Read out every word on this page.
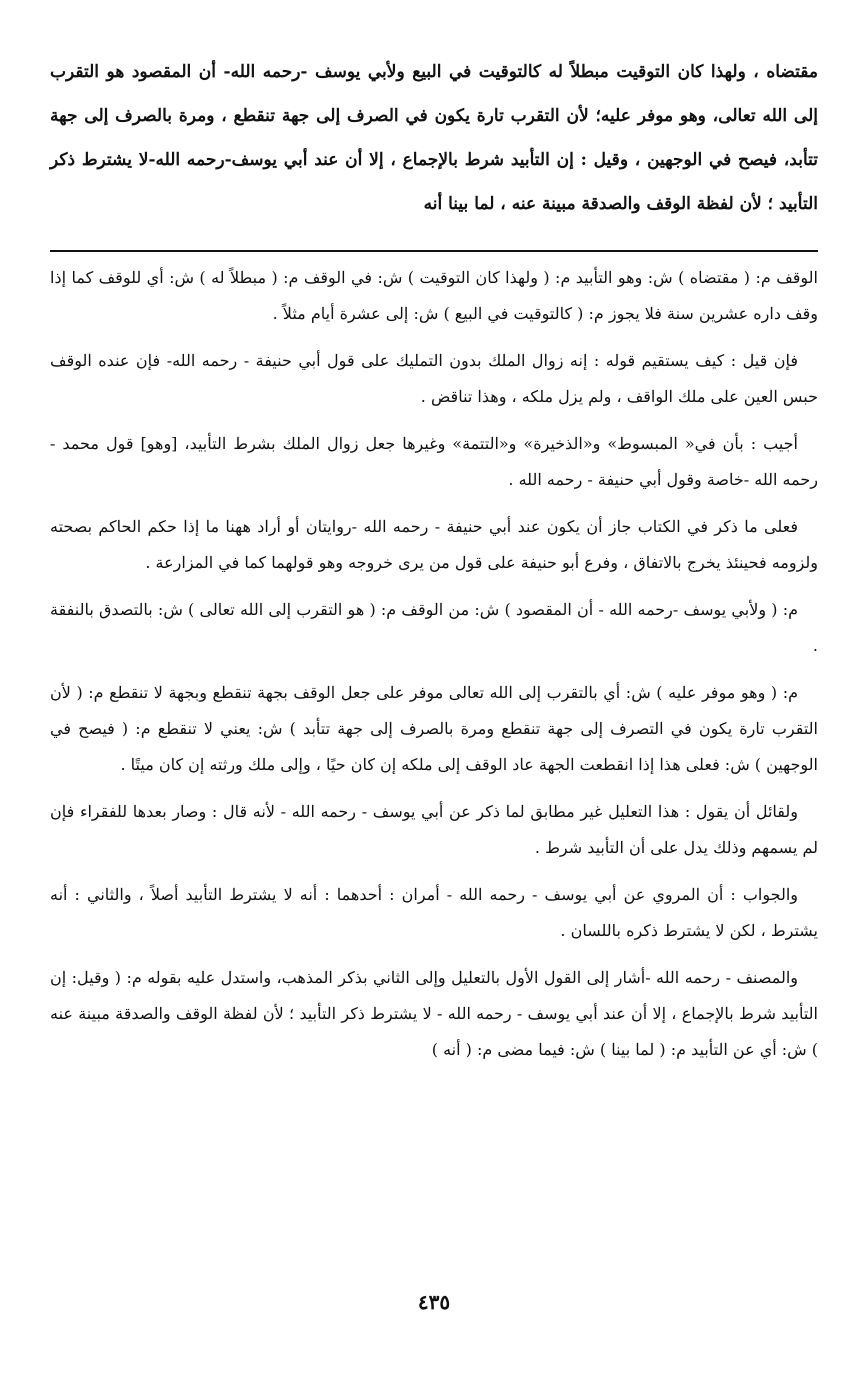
مقتضاه ، ولهذا كان التوقيت مبطلاً له كالتوقيت في البيع ولأبي يوسف -رحمه الله- أن المقصود هو التقرب إلى الله تعالى، وهو موفر عليه؛ لأن التقرب تارة يكون في الصرف إلى جهة تنقطع ، ومرة بالصرف إلى جهة تتأبد، فيصح في الوجهين ، وقيل : إن التأبيد شرط بالإجماع ، إلا أن عند أبي يوسف-رحمه الله-لا يشترط ذكر التأبيد ؛ لأن لفظة الوقف والصدقة مبينة عنه ، لما بينا أنه

الوقف م: ( مقتضاه ) ش: وهو التأبيد م: ( ولهذا كان التوقيت ) ش: في الوقف م: ( مبطلاً له ) ش: أي للوقف كما إذا وقف داره عشرين سنة فلا يجوز م: ( كالتوقيت في البيع ) ش: إلى عشرة أيام مثلاً .

فإن قيل : كيف يستقيم قوله : إنه زوال الملك بدون التمليك على قول أبي حنيفة - رحمه الله- فإن عنده الوقف حبس العين على ملك الواقف ، ولم يزل ملكه ، وهذا تناقض .

أجيب : بأن في« المبسوط» و«الذخيرة» و«التتمة» وغيرها جعل زوال الملك بشرط التأبيد، [وهو] قول محمد - رحمه الله -خاصة وقول أبي حنيفة - رحمه الله .

فعلى ما ذكر في الكتاب جاز أن يكون عند أبي حنيفة - رحمه الله -روايتان أو أراد ههنا ما إذا حكم الحاكم بصحته ولزومه فحينئذ يخرج بالاتفاق ، وفرع أبو حنيفة على قول من يرى خروجه وهو قولهما كما في المزارعة .

م: ( ولأبي يوسف -رحمه الله - أن المقصود ) ش: من الوقف م: ( هو التقرب إلى الله تعالى ) ش: بالتصدق بالنفقة .

م: ( وهو موفر عليه ) ش: أي بالتقرب إلى الله تعالى موفر على جعل الوقف بجهة تنقطع وبجهة لا تنقطع م: ( لأن التقرب تارة يكون في التصرف إلى جهة تنقطع ومرة بالصرف إلى جهة تتأبد ) ش: يعني لا تنقطع م: ( فيصح في الوجهين ) ش: فعلى هذا إذا انقطعت الجهة عاد الوقف إلى ملكه إن كان حيًا ، وإلى ملك ورثته إن كان ميتًا .

ولقائل أن يقول : هذا التعليل غير مطابق لما ذكر عن أبي يوسف - رحمه الله - لأنه قال : وصار بعدها للفقراء فإن لم يسمهم وذلك يدل على أن التأبيد شرط .

والجواب : أن المروي عن أبي يوسف - رحمه الله - أمران : أحدهما : أنه لا يشترط التأبيد أصلاً ، والثاني : أنه يشترط ، لكن لا يشترط ذكره باللسان .

والمصنف - رحمه الله -أشار إلى القول الأول بالتعليل وإلى الثاني بذكر المذهب، واستدل عليه بقوله م: ( وقيل: إن التأبيد شرط بالإجماع ، إلا أن عند أبي يوسف - رحمه الله - لا يشترط ذكر التأبيد ؛ لأن لفظة الوقف والصدقة مبينة عنه ) ش: أي عن التأبيد م: ( لما بينا ) ش: فيما مضى م: ( أنه )

٤٣٥
